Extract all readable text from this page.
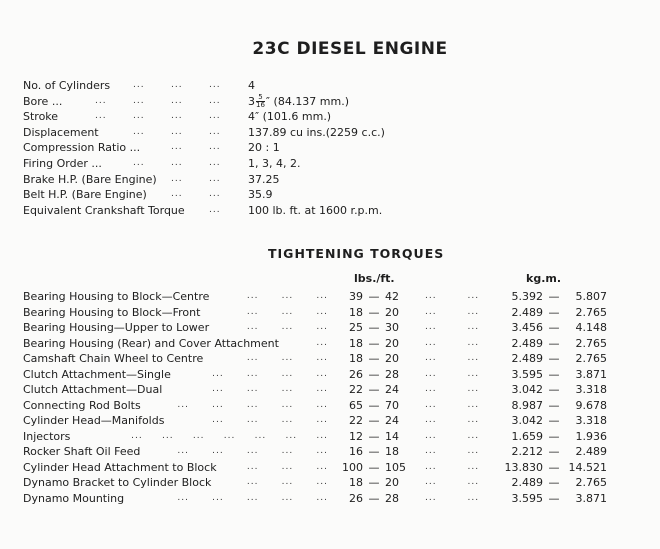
23C DIESEL ENGINE
No. of Cylinders	...	...	... 4
Bore ...	...	...	...	... $3 \frac{5}{16}$ ″ (84.137 mm.)
Stroke	...	...	...	... 4″ (101.6 mm.)
Displacement	...	...	... 137.89 cu ins.(2259 c.c.)
Compression Ratio ...	...	... 20 : 1
Firing Order ...	...	...	... 1, 3, 4, 2.
Brake H.P. (Bare Engine) ...	... 37.25
Belt H.P. (Bare Engine)	...	... 35.9
Equivalent Crankshaft Torque	... 100 lb. ft. at 1600 r.p.m.
TIGHTENING TORQUES
lbs./ft.	kg.m.
Bearing Housing to Block—Centre	...      ...      ...	39 — 42	...        ...	5.392 — 5.807
Bearing Housing to Block—Front	...      ...      ...	18 — 20	...        ...	2.489 — 2.765
Bearing Housing—Upper to Lower	...      ...      ...	25 — 30	...        ...	3.456 — 4.148
Bearing Housing (Rear) and Cover Attachment	...	18 — 20	...        ...	2.489 — 2.765
Camshaft Chain Wheel to Centre	...      ...      ...	18 — 20	...        ...	2.489 — 2.765
Clutch Attachment—Single	...      ...      ...      ...	26 — 28	...        ...	3.595 — 3.871
Clutch Attachment—Dual	...      ...      ...      ...	22 — 24	...        ...	3.042 — 3.318
Connecting Rod Bolts	...      ...      ...      ...      ...	65 — 70	...        ...	8.987 — 9.678
Cylinder Head—Manifolds	...      ...      ...      ...	22 — 24	...        ...	3.042 — 3.318
Injectors	...     ...     ...     ...     ...     ...     ...	12 — 14	...        ...	1.659 — 1.936
Rocker Shaft Oil Feed	...      ...      ...      ...      ...	16 — 18	...        ...	2.212 — 2.489
Cylinder Head Attachment to Block	...      ...      ...	100 — 105	...        ...	13.830 — 14.521
Dynamo Bracket to Cylinder Block	...      ...      ...	18 — 20	...        ...	2.489 — 2.765
Dynamo Mounting	...      ...      ...      ...      ...	26 — 28	...        ...	3.595 — 3.871
